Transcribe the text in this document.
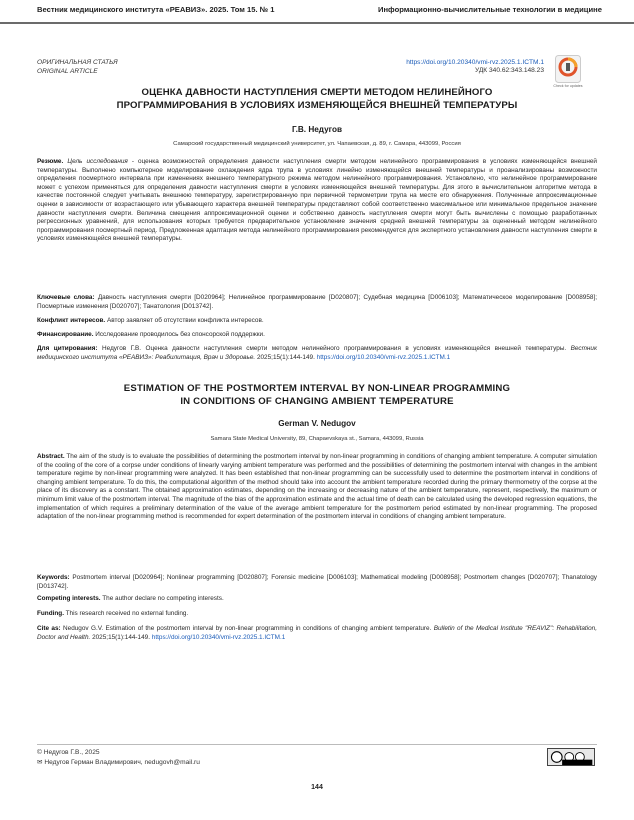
Вестник медицинского института «РЕАВИЗ». 2025. Том 15. № 1	Информационно-вычислительные технологии в медицине
ОРИГИНАЛЬНАЯ СТАТЬЯ
ORIGINAL ARTICLE
https://doi.org/10.20340/vmi-rvz.2025.1.ICTM.1
УДК 340.62:343.148.23
Check for updates
ОЦЕНКА ДАВНОСТИ НАСТУПЛЕНИЯ СМЕРТИ МЕТОДОМ НЕЛИНЕЙНОГО
ПРОГРАММИРОВАНИЯ В УСЛОВИЯХ ИЗМЕНЯЮЩЕЙСЯ ВНЕШНЕЙ ТЕМПЕРАТУРЫ
Г.В. Недугов
Самарский государственный медицинский университет, ул. Чапаевская, д. 89, г. Самара, 443099, Россия
Резюме. Цель исследования - оценка возможностей определения давности наступления смерти методом нелинейного программирования в условиях изменяющейся внешней температуры. Выполнено компьютерное моделирование охлаждения ядра трупа в условиях линейно изменяющейся внешней температуры и проанализированы возможности определения посмертного интервала при изменениях внешнего температурного режима методом нелинейного программирования. Установлено, что нелинейное программирование может с успехом применяться для определения давности наступления смерти в условиях изменяющейся внешней температуры. Для этого в вычислительном алгоритме метода в качестве постоянной следует учитывать внешнюю температуру, зарегистрированную при первичной термометрии трупа на месте его обнаружения. Полученные аппроксимационные оценки в зависимости от возрастающего или убывающего характера внешней температуры представляют собой соответственно максимальное или минимальное предельное значение давности наступления смерти. Величина смещения аппроксимационной оценки и собственно давность наступления смерти могут быть вычислены с помощью разработанных регрессионных уравнений, для использования которых требуется предварительное установление значения средней внешней температуры за оцененный методом нелинейного программирования посмертный период. Предложенная адаптация метода нелинейного программирования рекомендуется для экспертного установления давности наступления смерти в условиях изменяющейся внешней температуры.
Ключевые слова: Давность наступления смерти [D020964]; Нелинейное программирование [D020807]; Судебная медицина [D006103]; Математическое моделирование [D008958]; Посмертные изменения [D020707]; Танатология [D013742].
Конфликт интересов. Автор заявляет об отсутствии конфликта интересов.
Финансирование. Исследование проводилось без спонсорской поддержки.
Для цитирования: Недугов Г.В. Оценка давности наступления смерти методом нелинейного программирования в условиях изменяющейся внешней температуры. Вестник медицинского института «РЕАВИЗ»: Реабилитация, Врач и Здоровье. 2025;15(1):144-149. https://doi.org/10.20340/vmi-rvz.2025.1.ICTM.1
ESTIMATION OF THE POSTMORTEM INTERVAL BY NON-LINEAR PROGRAMMING
IN CONDITIONS OF CHANGING AMBIENT TEMPERATURE
German V. Nedugov
Samara State Medical University, 89, Chapaevskaya st., Samara, 443099, Russia
Abstract. The aim of the study is to evaluate the possibilities of determining the postmortem interval by non-linear programming in conditions of changing ambient temperature. A computer simulation of the cooling of the core of a corpse under conditions of linearly varying ambient temperature was performed and the possibilities of determining the postmortem interval with changes in the ambient temperature regime by non-linear programming were analyzed. It has been established that non-linear programming can be successfully used to determine the postmortem interval in conditions of changing ambient temperature. To do this, the computational algorithm of the method should take into account the ambient temperature recorded during the primary thermometry of the corpse at the place of its discovery as a constant. The obtained approximation estimates, depending on the increasing or decreasing nature of the ambient temperature, represent, respectively, the maximum or minimum limit value of the postmortem interval. The magnitude of the bias of the approximation estimate and the actual time of death can be calculated using the developed regression equations, the implementation of which requires a preliminary determination of the value of the average ambient temperature for the postmortem period estimated by non-linear programming. The proposed adaptation of the non-linear programming method is recommended for expert determination of the postmortem interval in conditions of changing ambient temperature.
Keywords: Postmortem interval [D020964]; Nonlinear programming [D020807]; Forensic medicine [D006103]; Mathematical modeling [D008958]; Postmortem changes [D020707]; Thanatology [D013742].
Competing interests. The author declare no competing interests.
Funding. This research received no external funding.
Cite as: Nedugov G.V. Estimation of the postmortem interval by non-linear programming in conditions of changing ambient temperature. Bulletin of the Medical Institute "REAVIZ": Rehabilitation, Doctor and Health. 2025;15(1):144-149. https://doi.org/10.20340/vmi-rvz.2025.1.ICTM.1
© Недугов Г.В., 2025
✉ Недугов Герман Владимирович, nedugovh@mail.ru
144
